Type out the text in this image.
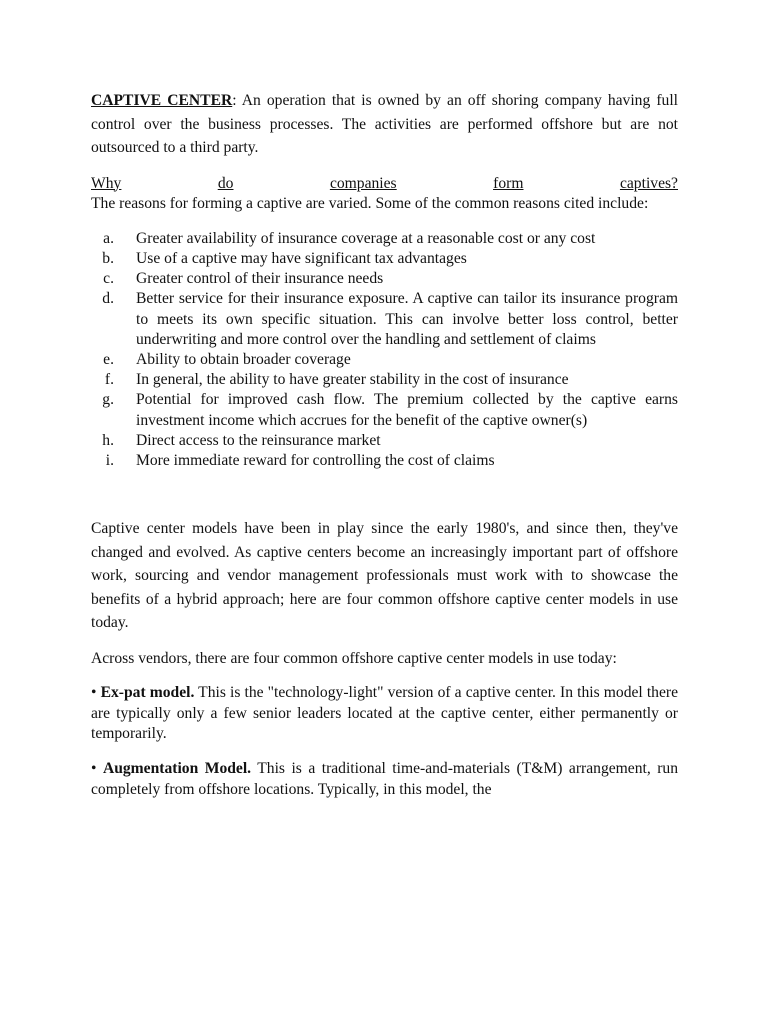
CAPTIVE CENTER: An operation that is owned by an off shoring company having full control over the business processes. The activities are performed offshore but are not outsourced to a third party.

Why	do	companies	form	captives?

The reasons for forming a captive are varied. Some of the common reasons cited include:

a.	Greater availability of insurance coverage at a reasonable cost or any cost
b.	Use of a captive may have significant tax advantages
c.	Greater control of their insurance needs
d.	Better service for their insurance exposure. A captive can tailor its insurance program to meets its own specific situation. This can involve better loss control, better underwriting and more control over the handling and settlement of claims
e.	Ability to obtain broader coverage
f.	In general, the ability to have greater stability in the cost of insurance
g.	Potential for improved cash flow. The premium collected by the captive earns investment income which accrues for the benefit of the captive owner(s)
h.	Direct access to the reinsurance market
i.	More immediate reward for controlling the cost of claims

Captive center models have been in play since the early 1980's, and since then, they've changed and evolved. As captive centers become an increasingly important part of offshore work, sourcing and vendor management professionals must work with to showcase the benefits of a hybrid approach; here are four common offshore captive center models in use today.

Across vendors, there are four common offshore captive center models in use today:

• Ex-pat model. This is the "technology-light" version of a captive center. In this model there are typically only a few senior leaders located at the captive center, either permanently or temporarily.

• Augmentation Model. This is a traditional time-and-materials (T&M) arrangement, run completely from offshore locations. Typically, in this model, the
